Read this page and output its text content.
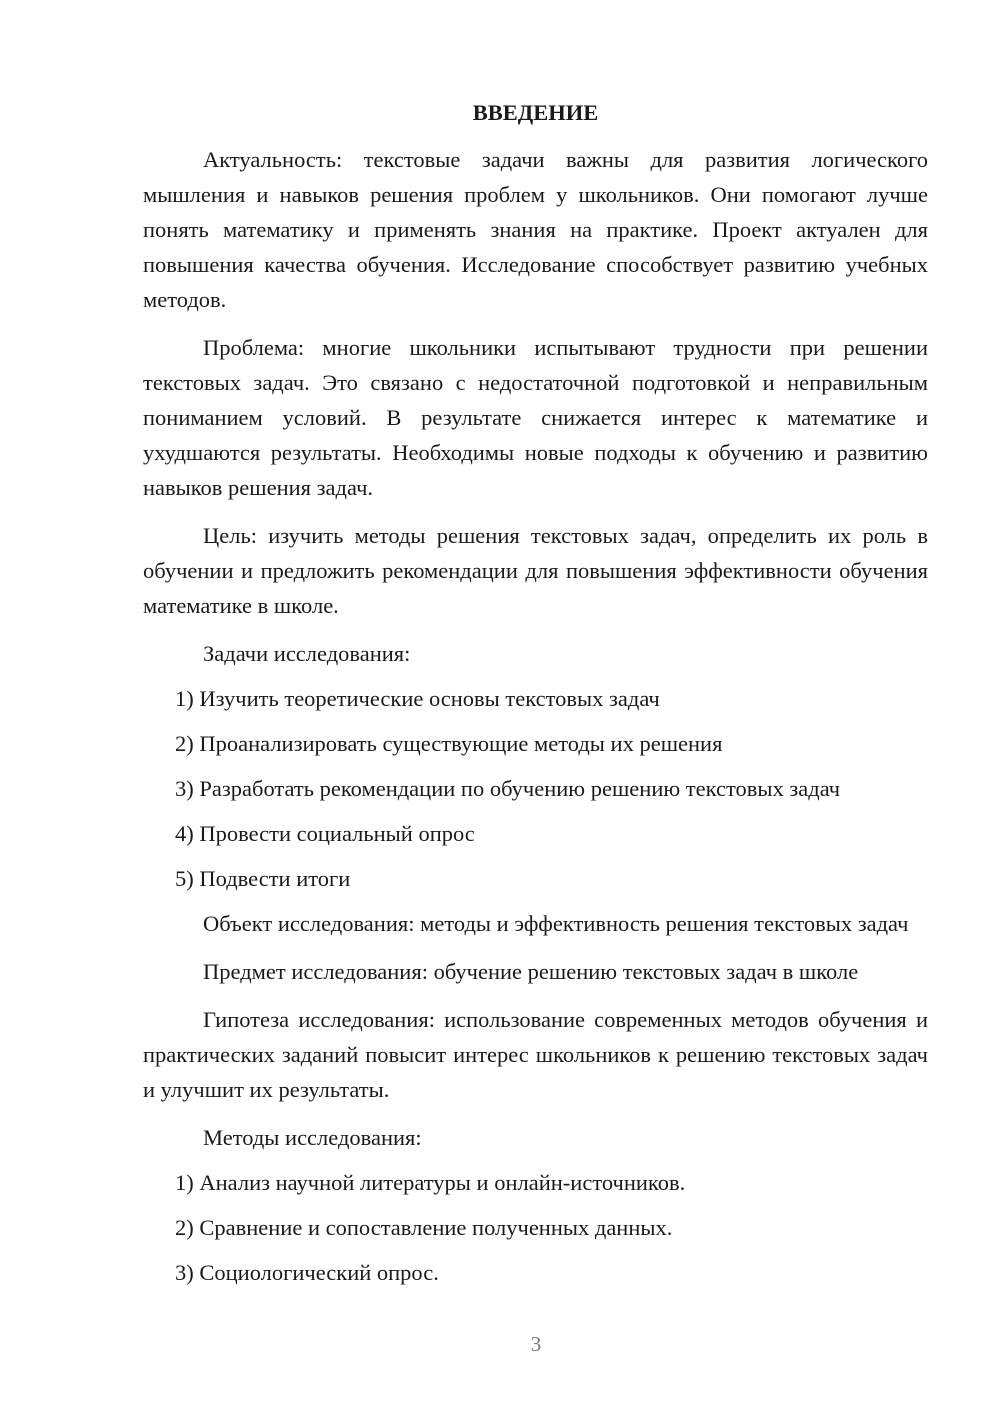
ВВЕДЕНИЕ

Актуальность: текстовые задачи важны для развития логического мышления и навыков решения проблем у школьников. Они помогают лучше понять математику и применять знания на практике. Проект актуален для повышения качества обучения. Исследование способствует развитию учебных методов.

Проблема: многие школьники испытывают трудности при решении текстовых задач. Это связано с недостаточной подготовкой и неправильным пониманием условий. В результате снижается интерес к математике и ухудшаются результаты. Необходимы новые подходы к обучению и развитию навыков решения задач.

Цель: изучить методы решения текстовых задач, определить их роль в обучении и предложить рекомендации для повышения эффективности обучения математике в школе.

Задачи исследования:

1) Изучить теоретические основы текстовых задач
2) Проанализировать существующие методы их решения
3) Разработать рекомендации по обучению решению текстовых задач
4) Провести социальный опрос
5) Подвести итоги

Объект исследования: методы и эффективность решения текстовых задач

Предмет исследования: обучение решению текстовых задач в школе

Гипотеза исследования: использование современных методов обучения и практических заданий повысит интерес школьников к решению текстовых задач и улучшит их результаты.

Методы исследования:

1) Анализ научной литературы и онлайн-источников.
2) Сравнение и сопоставление полученных данных.
3) Социологический опрос.
3
